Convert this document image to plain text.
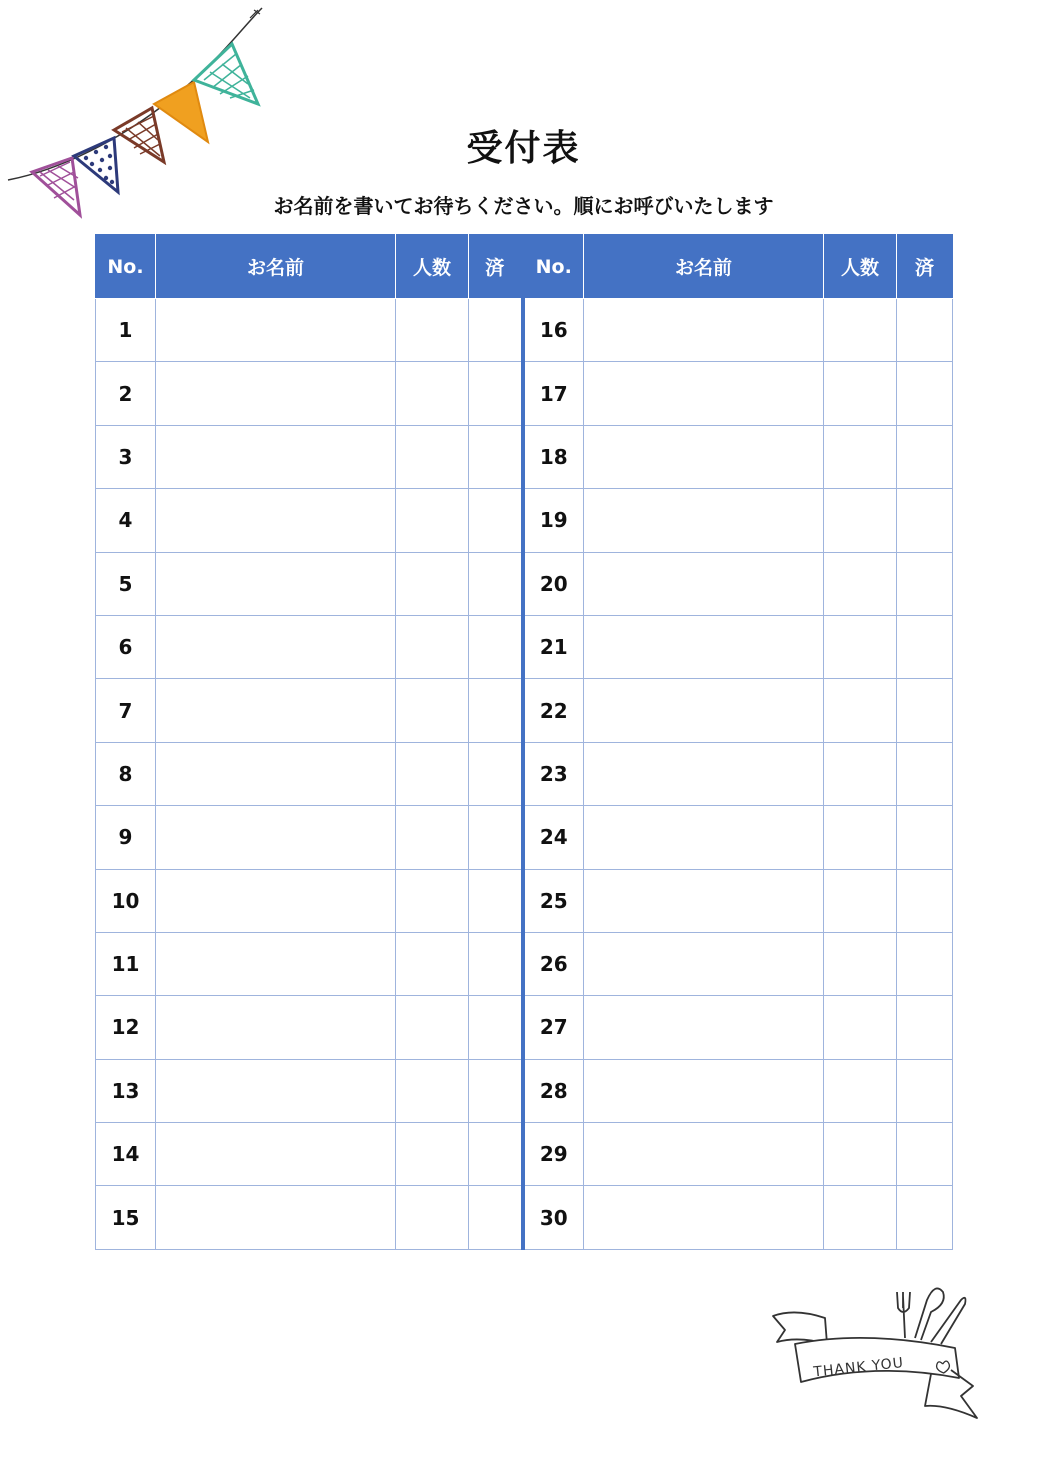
受付表
お名前を書いてお待ちください。順にお呼びいたします
No.	お名前	人数	済	No.	お名前	人数	済
1				16			
2				17			
3				18			
4				19			
5				20			
6				21			
7				22			
8				23			
9				24			
10				25			
11				26			
12				27			
13				28			
14				29			
15				30			
THANK YOU
